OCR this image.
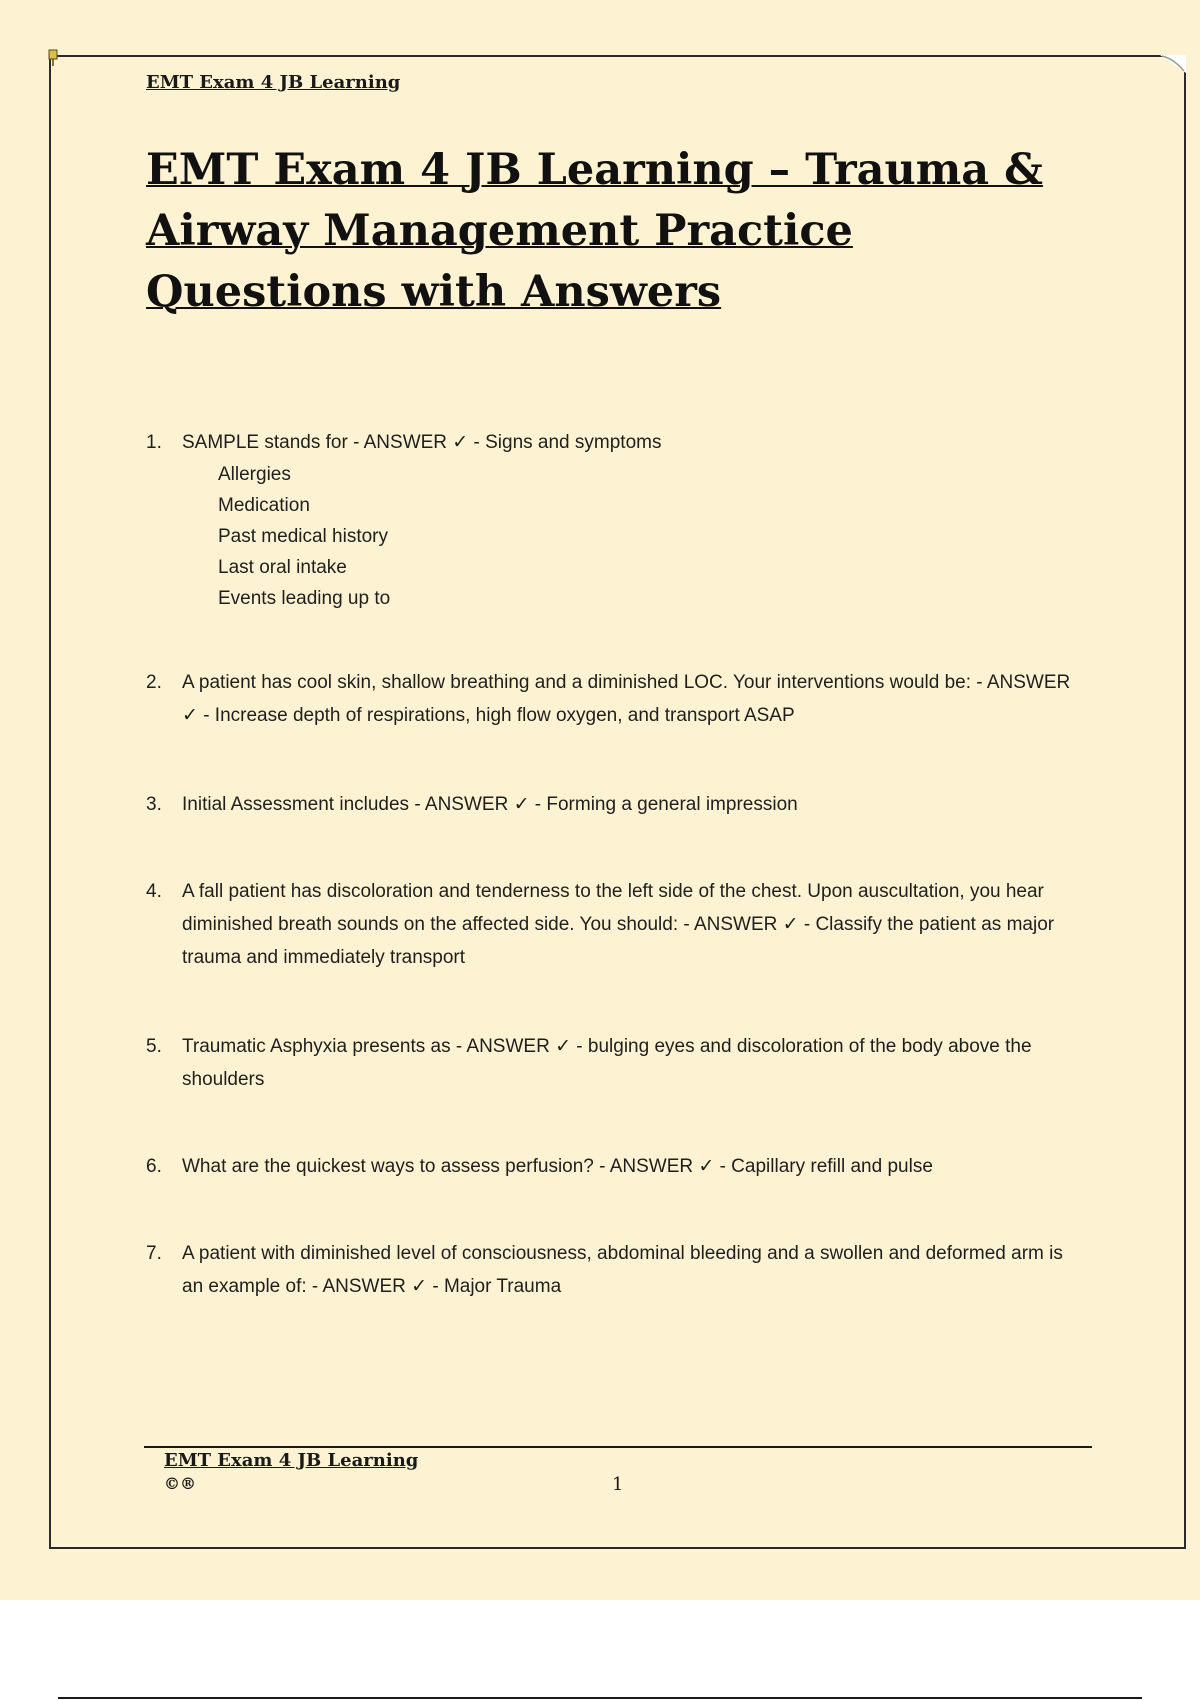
EMT Exam 4 JB Learning

EMT Exam 4 JB Learning – Trauma & Airway Management Practice Questions with Answers
1. SAMPLE stands for - ANSWER ✓ - Signs and symptoms
Allergies
Medication
Past medical history
Last oral intake
Events leading up to
2. A patient has cool skin, shallow breathing and a diminished LOC. Your interventions would be: - ANSWER ✓ - Increase depth of respirations, high flow oxygen, and transport ASAP
3. Initial Assessment includes - ANSWER ✓ - Forming a general impression
4. A fall patient has discoloration and tenderness to the left side of the chest. Upon auscultation, you hear diminished breath sounds on the affected side. You should: - ANSWER ✓ - Classify the patient as major trauma and immediately transport
5. Traumatic Asphyxia presents as - ANSWER ✓ - bulging eyes and discoloration of the body above the shoulders
6. What are the quickest ways to assess perfusion? - ANSWER ✓ - Capillary refill and pulse
7. A patient with diminished level of consciousness, abdominal bleeding and a swollen and deformed arm is an example of: - ANSWER ✓ - Major Trauma

EMT Exam 4 JB Learning

©®	1
